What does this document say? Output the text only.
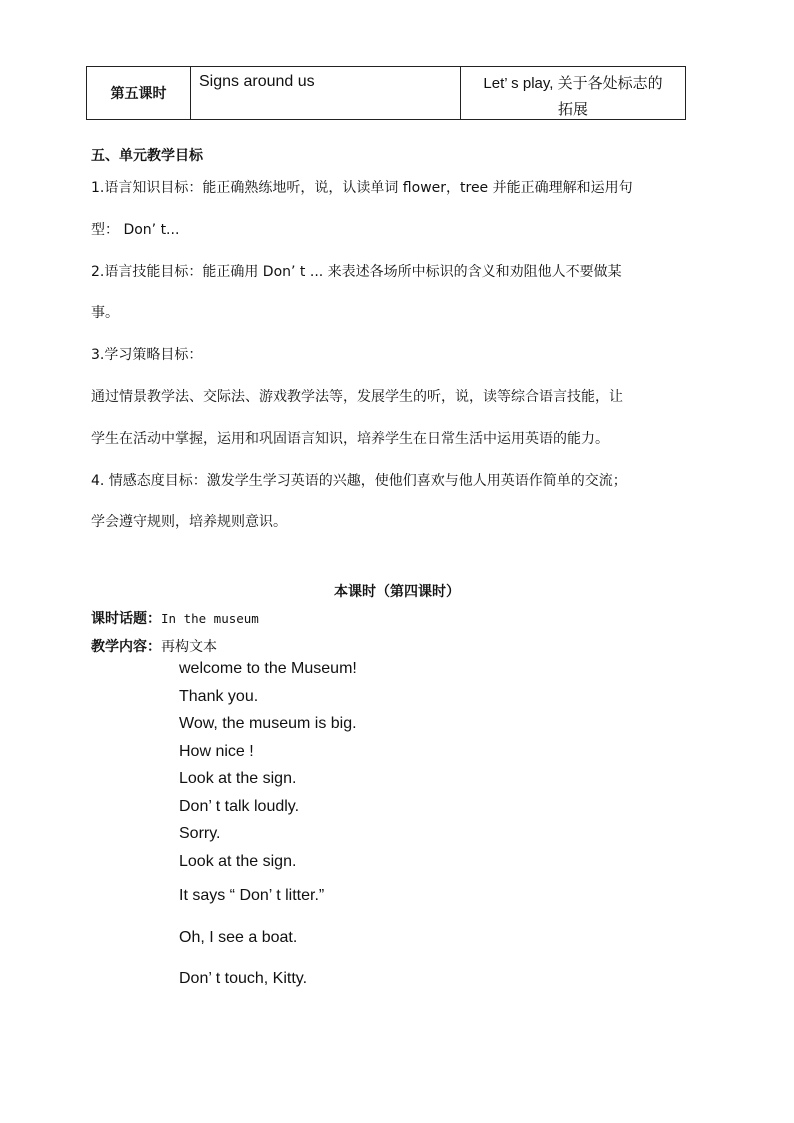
第五课时
Signs around us	Let’ s play, 关于各处标志的
拓展
五、单元教学目标
1.语言知识目标：能正确熟练地听，说，认读单词 flower，tree 并能正确理解和运用句
型： Don’ t...
2.语言技能目标：能正确用 Don’ t ... 来表述各场所中标识的含义和劝阻他人不要做某
事。
3.学习策略目标：
通过情景教学法、交际法、游戏教学法等，发展学生的听，说，读等综合语言技能，让
学生在活动中掌握，运用和巩固语言知识，培养学生在日常生活中运用英语的能力。
4. 情感态度目标：激发学生学习英语的兴趣，使他们喜欢与他人用英语作简单的交流；
学会遵守规则，培养规则意识。
本课时（第四课时）
课时话题：In the museum
教学内容：再构文本
welcome to the Museum!
Thank you.
Wow, the museum is big.
How nice !
Look at the sign.
Don’ t talk loudly.
Sorry.
Look at the sign.
It says “ Don’ t litter.”
Oh, I see a boat.
Don’ t touch, Kitty.
